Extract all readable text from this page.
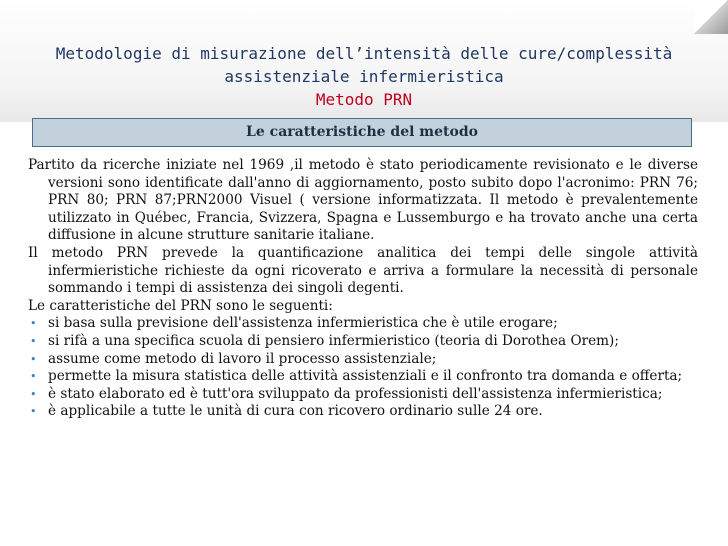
Metodologie di misurazione dell’intensità delle cure/complessità
assistenziale infermieristica
Metodo PRN
Le caratteristiche del metodo

Partito da ricerche iniziate nel 1969 ,il metodo è stato periodicamente revisionato e le diverse versioni sono identificate dall'anno di aggiornamento, posto subito dopo l'acronimo: PRN 76; PRN 80; PRN 87;PRN2000 Visuel ( versione informatizzata. Il metodo è prevalentemente utilizzato in Québec, Francia, Svizzera, Spagna e Lussemburgo e ha trovato anche una certa diffusione in alcune strutture sanitarie italiane.

Il metodo PRN prevede la quantificazione analitica dei tempi delle singole attività infermieristiche richieste da ogni ricoverato e arriva a formulare la necessità di personale sommando i tempi di assistenza dei singoli degenti.

Le caratteristiche del PRN sono le seguenti:

• si basa sulla previsione dell'assistenza infermieristica che è utile erogare;
• si rifà a una specifica scuola di pensiero infermieristico (teoria di Dorothea Orem);
• assume come metodo di lavoro il processo assistenziale;
• permette la misura statistica delle attività assistenziali e il confronto tra domanda e offerta;
• è stato elaborato ed è tutt'ora sviluppato da professionisti dell'assistenza infermieristica;
• è applicabile a tutte le unità di cura con ricovero ordinario sulle 24 ore.
